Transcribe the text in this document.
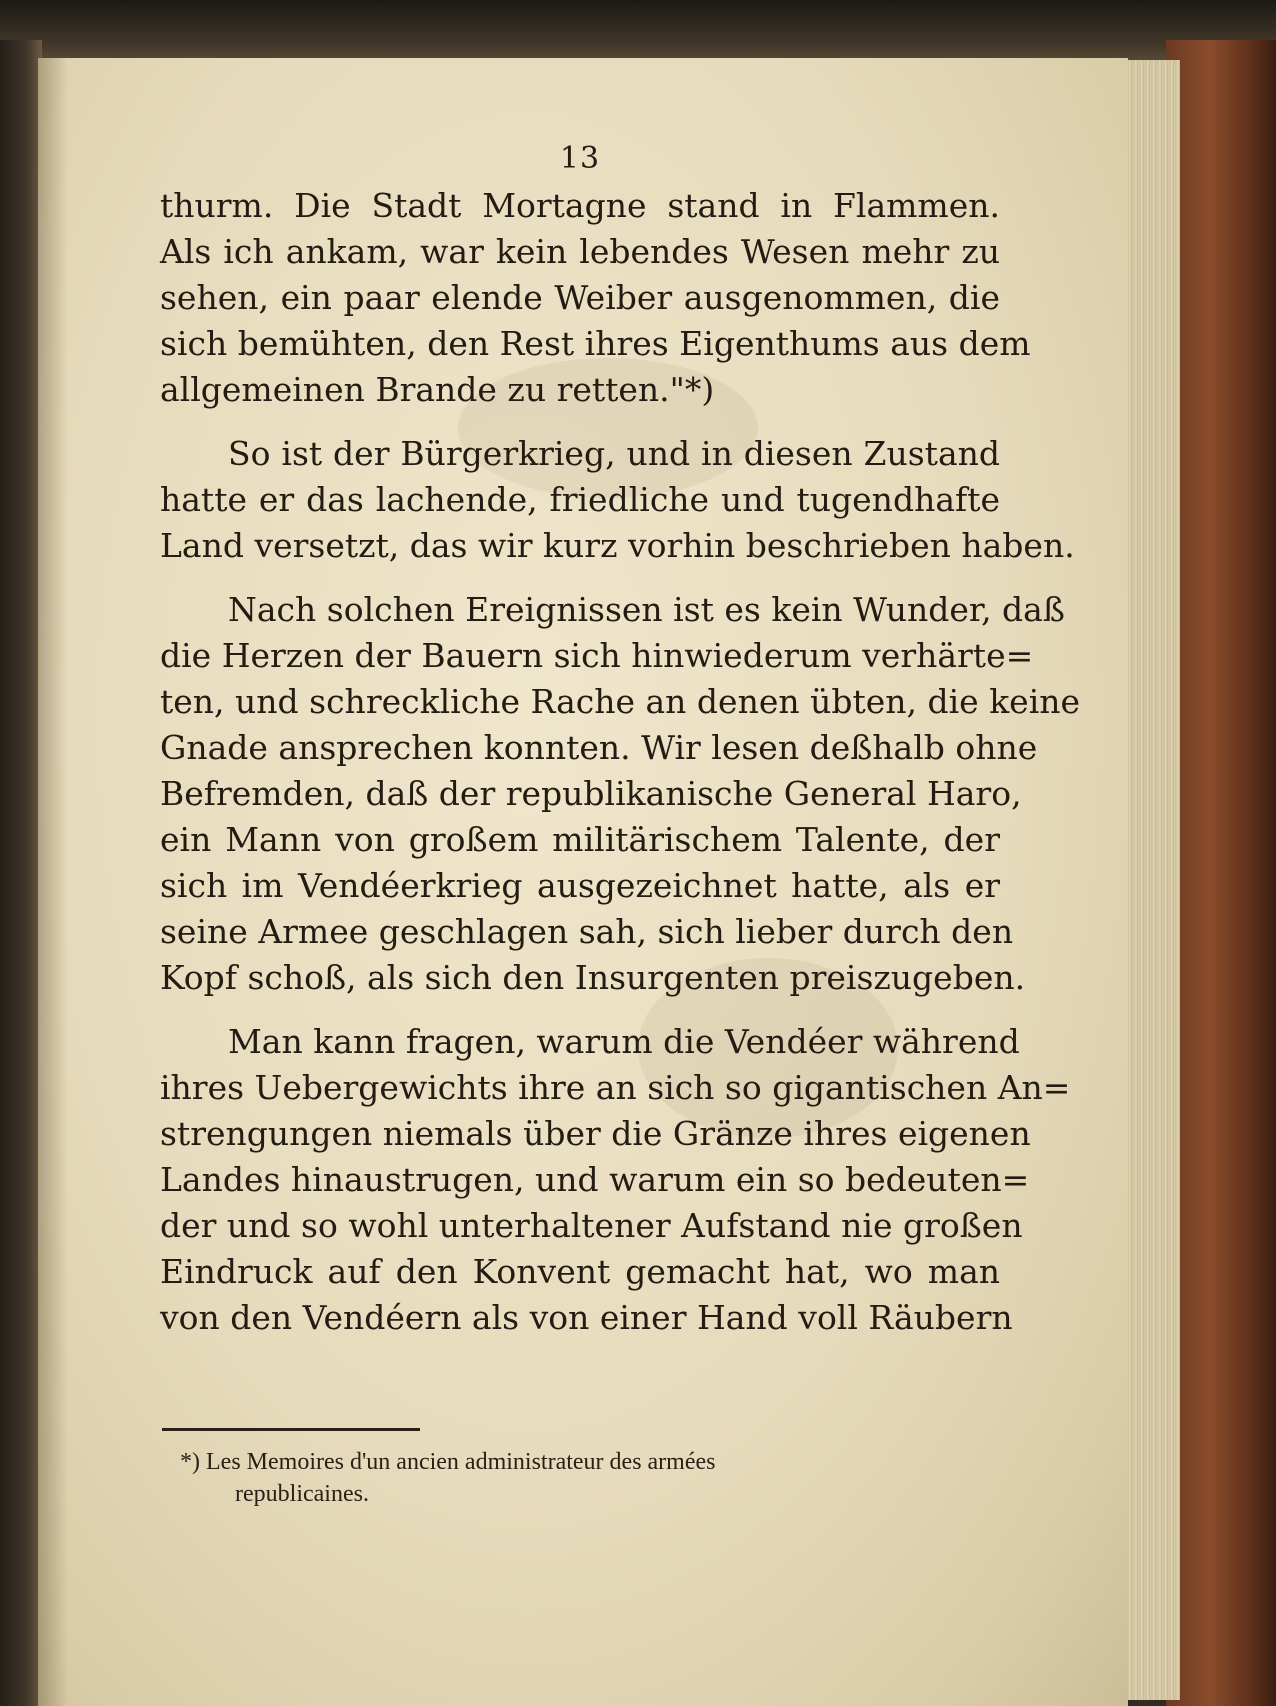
13
thurm. Die Stadt Mortagne stand in Flammen.
Als ich ankam, war kein lebendes Wesen mehr zu
sehen, ein paar elende Weiber ausgenommen, die
sich bemühten, den Rest ihres Eigenthums aus dem
allgemeinen Brande zu retten."*)
So ist der Bürgerkrieg, und in diesen Zustand
hatte er das lachende, friedliche und tugendhafte
Land versetzt, das wir kurz vorhin beschrieben haben.
Nach solchen Ereignissen ist es kein Wunder, daß
die Herzen der Bauern sich hinwiederum verhärte=
ten, und schreckliche Rache an denen übten, die keine
Gnade ansprechen konnten. Wir lesen deßhalb ohne
Befremden, daß der republikanische General Haro,
ein Mann von großem militärischem Talente, der
sich im Vendéerkrieg ausgezeichnet hatte, als er
seine Armee geschlagen sah, sich lieber durch den
Kopf schoß, als sich den Insurgenten preiszugeben.
Man kann fragen, warum die Vendéer während
ihres Uebergewichts ihre an sich so gigantischen An=
strengungen niemals über die Gränze ihres eigenen
Landes hinaustrugen, und warum ein so bedeuten=
der und so wohl unterhaltener Aufstand nie großen
Eindruck auf den Konvent gemacht hat, wo man
von den Vendéern als von einer Hand voll Räubern
*) Les Memoires d'un ancien administrateur des armées
republicaines.
